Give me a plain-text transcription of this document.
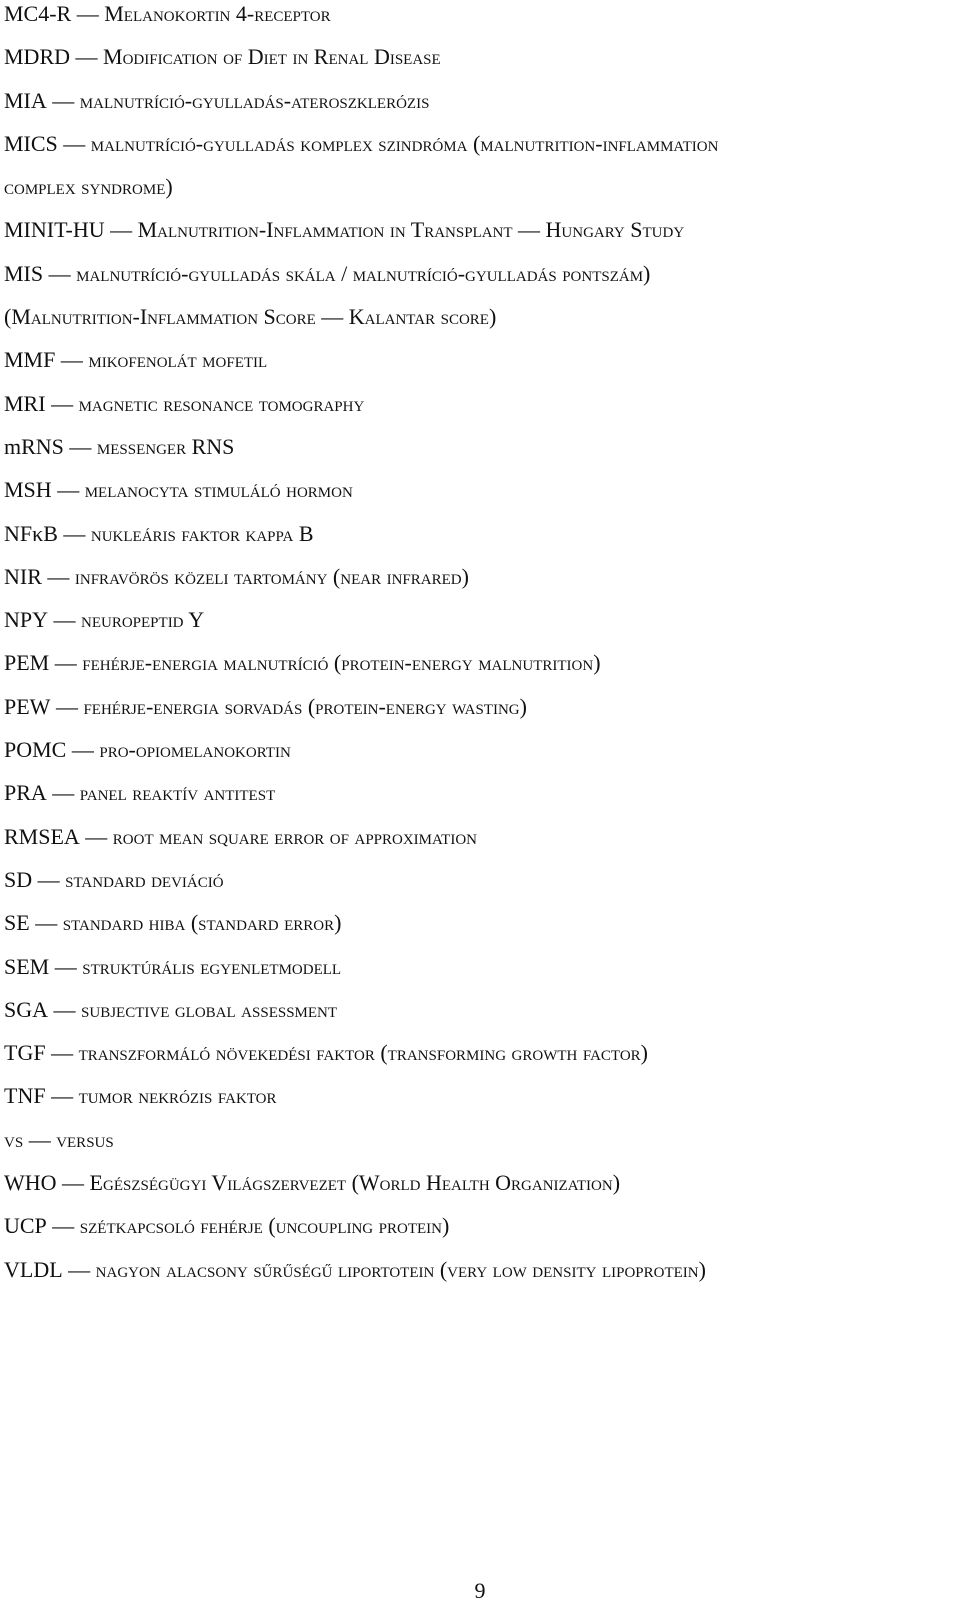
MC4-R — Melanokortin 4-receptor
MDRD — Modification of Diet in Renal Disease
MIA — malnutríció-gyulladás-ateroszklerózis
MICS — malnutríció-gyulladás komplex szindróma (malnutrition-inflammation
complex syndrome)
MINIT-HU — Malnutrition-Inflammation in Transplant — Hungary Study
MIS — malnutríció-gyulladás skála / malnutríció-gyulladás pontszám)
(Malnutrition-Inflammation Score — Kalantar score)
MMF — mikofenolát mofetil
MRI — magnetic resonance tomography
mRNS — messenger RNS
MSH — melanocyta stimuláló hormon
NFκB — nukleáris faktor kappa B
NIR — infravörös közeli tartomány (near infrared)
NPY — neuropeptid Y
PEM — fehérje-energia malnutríció (protein-energy malnutrition)
PEW — fehérje-energia sorvadás (protein-energy wasting)
POMC — pro-opiomelanokortin
PRA — panel reaktív antitest
RMSEA — root mean square error of approximation
SD — standard deviáció
SE — standard hiba (standard error)
SEM — struktúrális egyenletmodell
SGA — subjective global assessment
TGF — transzformáló növekedési faktor (transforming growth factor)
TNF — tumor nekrózis faktor
vs — versus
WHO — Egészségügyi Világszervezet (World Health Organization)
UCP — szétkapcsoló fehérje (uncoupling protein)
VLDL — nagyon alacsony sűrűségű liportotein (very low density lipoprotein)
9
